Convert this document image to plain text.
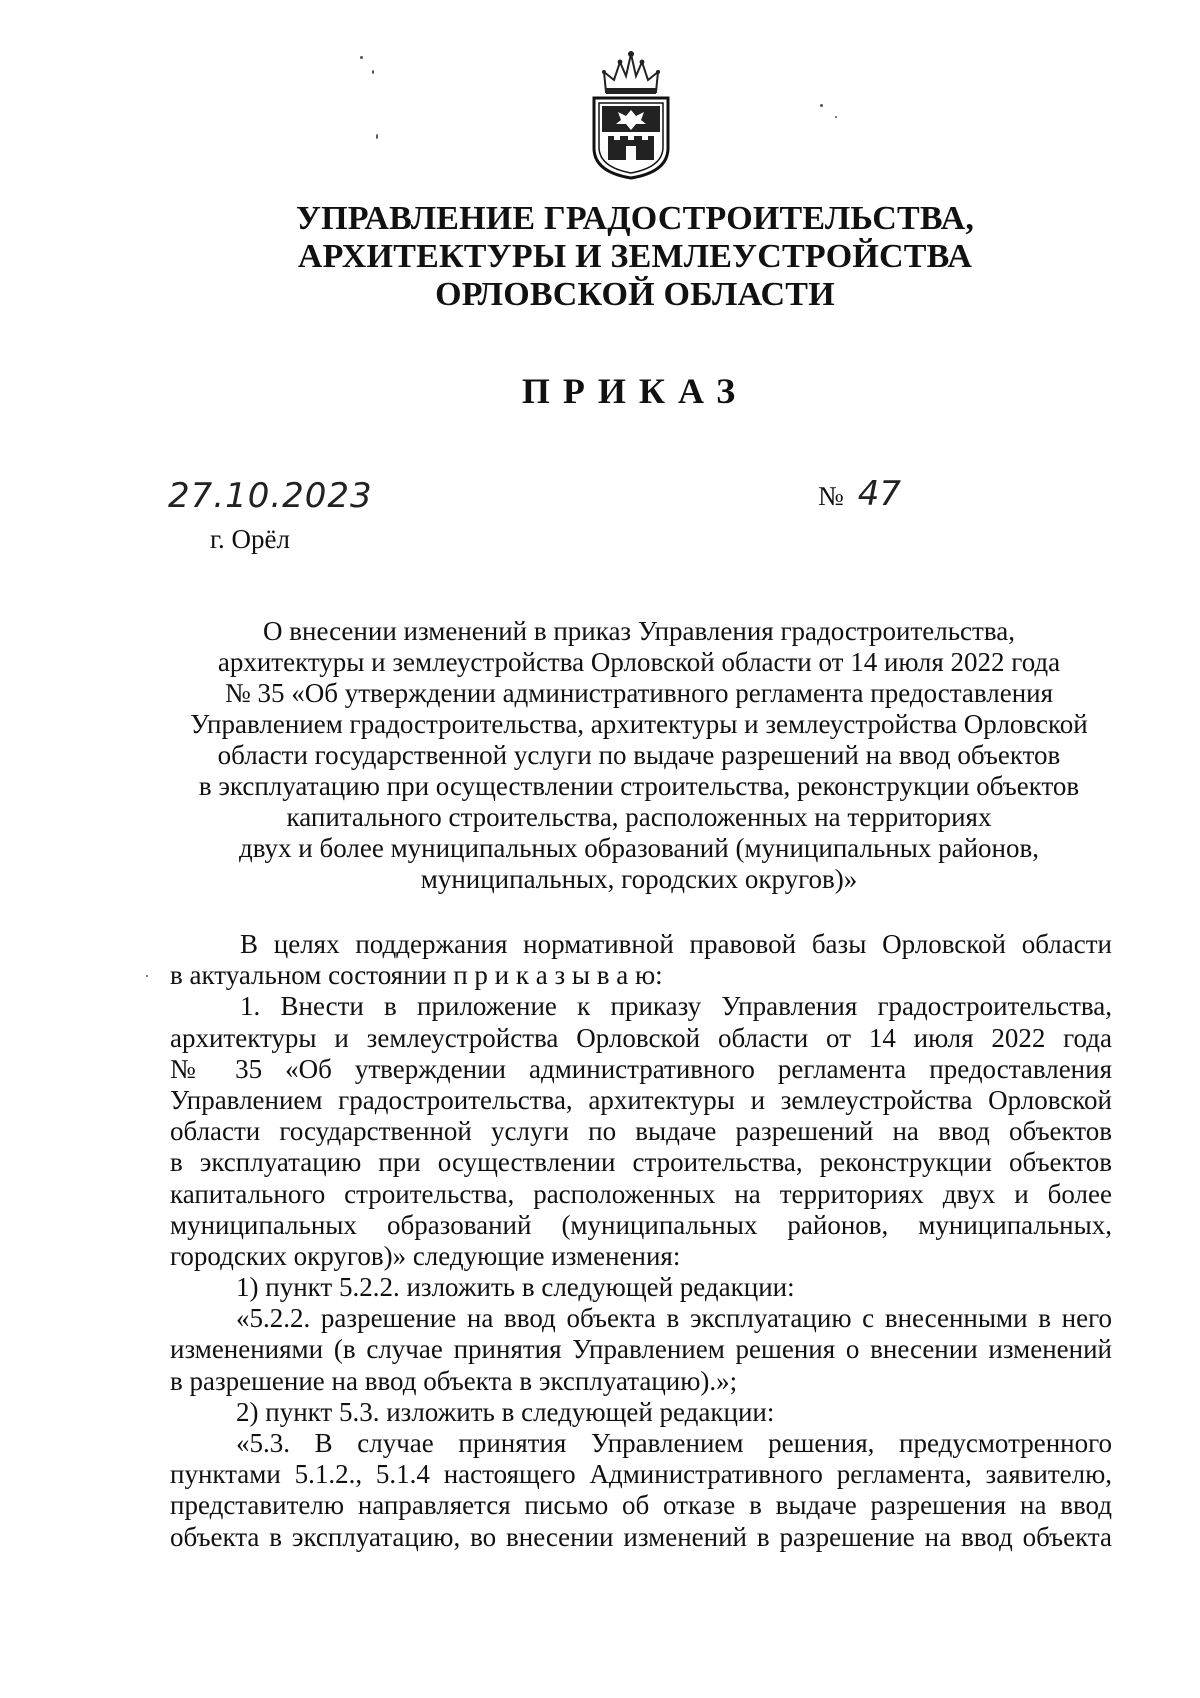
УПРАВЛЕНИЕ ГРАДОСТРОИТЕЛЬСТВА,
АРХИТЕКТУРЫ И ЗЕМЛЕУСТРОЙСТВА
ОРЛОВСКОЙ ОБЛАСТИ
ПРИКАЗ
27.10.2023	№ 47
г. Орёл
О внесении изменений в приказ Управления градостроительства,
архитектуры и землеустройства Орловской области от 14 июля 2022 года
№ 35 «Об утверждении административного регламента предоставления
Управлением градостроительства, архитектуры и землеустройства Орловской
области государственной услуги по выдаче разрешений на ввод объектов
в эксплуатацию при осуществлении строительства, реконструкции объектов
капитального строительства, расположенных на территориях
двух и более муниципальных образований (муниципальных районов,
муниципальных, городских округов)»
В целях поддержания нормативной правовой базы Орловской области
в актуальном состоянии п р и к а з ы в а ю:
1. Внести в приложение к приказу Управления градостроительства,
архитектуры и землеустройства Орловской области от 14 июля 2022 года
№ 35 «Об утверждении административного регламента предоставления
Управлением градостроительства, архитектуры и землеустройства Орловской
области государственной услуги по выдаче разрешений на ввод объектов
в эксплуатацию при осуществлении строительства, реконструкции объектов
капитального строительства, расположенных на территориях двух и более
муниципальных образований (муниципальных районов, муниципальных,
городских округов)» следующие изменения:
1) пункт 5.2.2. изложить в следующей редакции:
«5.2.2. разрешение на ввод объекта в эксплуатацию с внесенными в него
изменениями (в случае принятия Управлением решения о внесении изменений
в разрешение на ввод объекта в эксплуатацию).»;
2) пункт 5.3. изложить в следующей редакции:
«5.3. В случае принятия Управлением решения, предусмотренного
пунктами 5.1.2., 5.1.4 настоящего Административного регламента, заявителю,
представителю направляется письмо об отказе в выдаче разрешения на ввод
объекта в эксплуатацию, во внесении изменений в разрешение на ввод объекта
